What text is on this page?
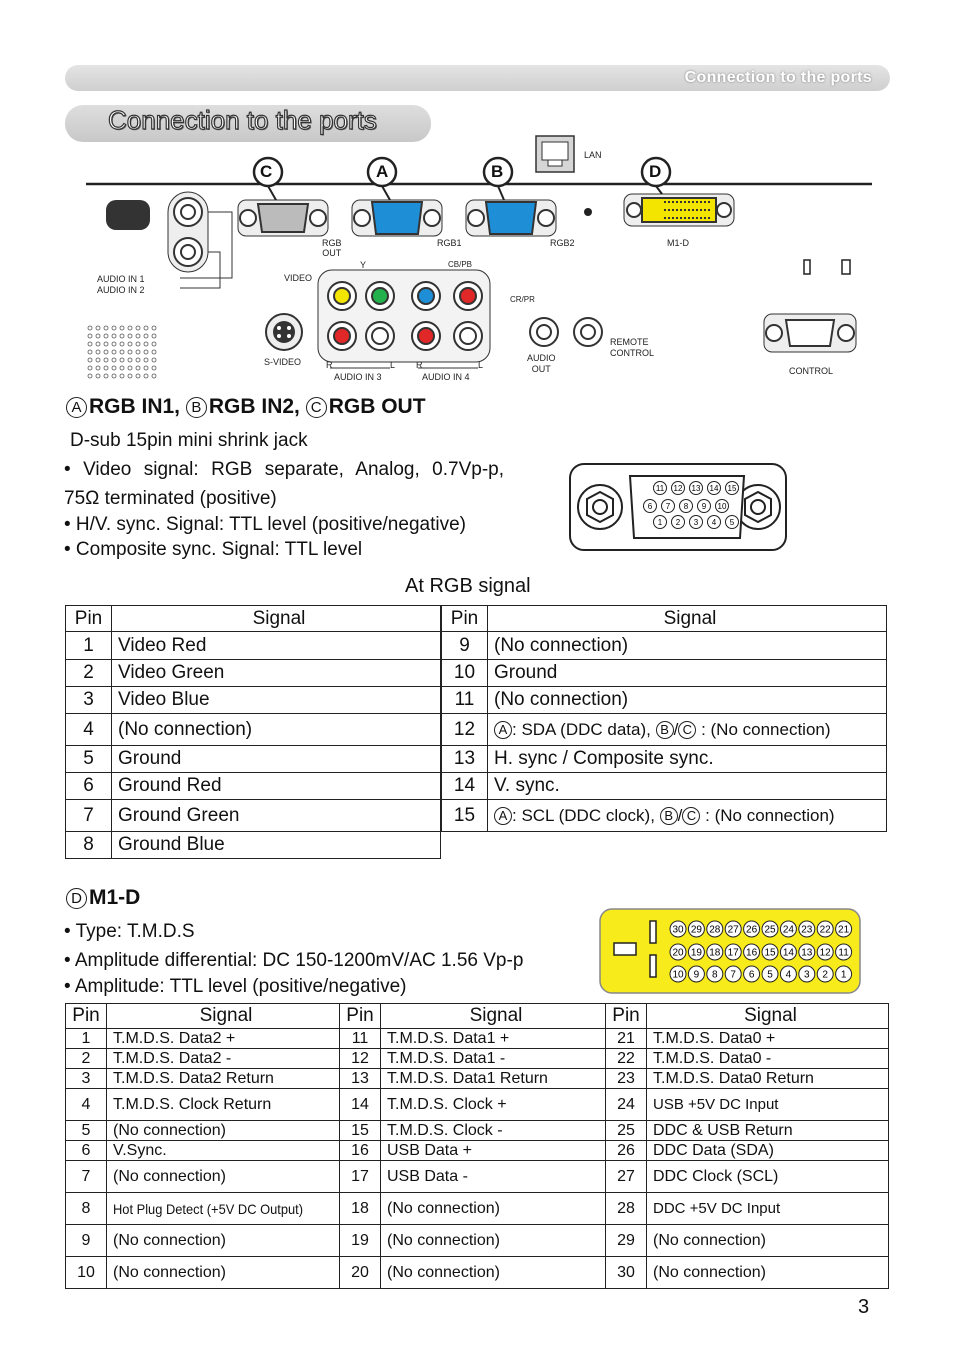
Connection to the ports
Connection to the ports
C	A	B	D
LAN
RGB
OUT
RGB1	RGB2	M1-D
AUDIO IN 1
AUDIO IN 2
VIDEO
Y	CB/PB
CR/PR
S-VIDEO	R	L R	L
AUDIO IN 3	AUDIO IN 4
AUDIO
OUT
REMOTE
CONTROL
CONTROL
A RGB IN1, B RGB IN2, C RGB OUT
D-sub 15pin mini shrink jack
• Video signal: RGB separate, Analog, 0.7Vp-p,
75Ω terminated (positive)
• H/V. sync. Signal: TTL level (positive/negative)
• Composite sync. Signal: TTL level
11 12 13 14 15
6 7 8 9 10
1 2 3 4 5
At RGB signal
Pin	Signal
1	Video Red
2	Video Green
3	Video Blue
4	(No connection)
5	Ground
6	Ground Red
7	Ground Green
8	Ground Blue
Pin	Signal
9	(No connection)
10	Ground
11	(No connection)
12	A : SDA (DDC data), B / C : (No connection)
13	H. sync / Composite sync.
14	V. sync.
15	A : SCL (DDC clock), B / C : (No connection)
D M1-D
• Type: T.M.D.S
• Amplitude differential: DC 150-1200mV/AC 1.56 Vp-p
• Amplitude: TTL level (positive/negative)
30 29 28 27 26 25 24 23 22 21
20 19 18 17 16 15 14 13 12 11
10 9 8 7 6 5 4 3 2 1
Pin	Signal	Pin	Signal	Pin	Signal
1	T.M.D.S. Data2 +	11	T.M.D.S. Data1 +	21	T.M.D.S. Data0 +
2	T.M.D.S. Data2 -	12	T.M.D.S. Data1 -	22	T.M.D.S. Data0 -
3	T.M.D.S. Data2 Return	13	T.M.D.S. Data1 Return	23	T.M.D.S. Data0 Return
4	T.M.D.S. Clock Return	14	T.M.D.S. Clock +	24	USB +5V DC Input
5	(No connection)	15	T.M.D.S. Clock -	25	DDC & USB Return
6	V.Sync.	16	USB Data +	26	DDC Data (SDA)
7	(No connection)	17	USB Data -	27	DDC Clock (SCL)
8	Hot Plug Detect (+5V DC Output)	18	(No connection)	28	DDC +5V DC Input
9	(No connection)	19	(No connection)	29	(No connection)
10	(No connection)	20	(No connection)	30	(No connection)
3
